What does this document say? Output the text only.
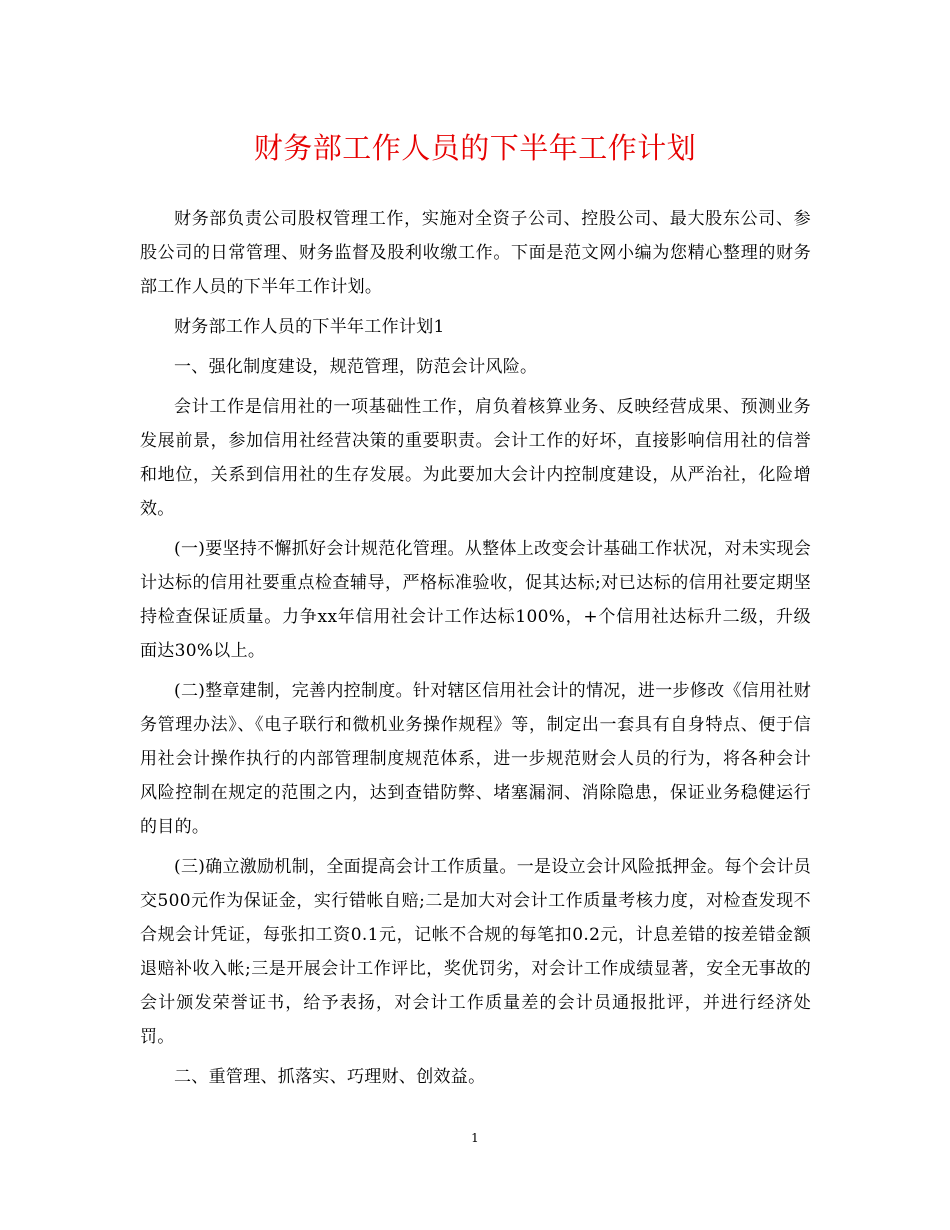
财务部工作人员的下半年工作计划

财务部负责公司股权管理工作，实施对全资子公司、控股公司、最大股东公司、参股公司的日常管理、财务监督及股利收缴工作。下面是范文网小编为您精心整理的财务部工作人员的下半年工作计划。

财务部工作人员的下半年工作计划1

一、强化制度建设，规范管理，防范会计风险。

会计工作是信用社的一项基础性工作，肩负着核算业务、反映经营成果、预测业务发展前景，参加信用社经营决策的重要职责。会计工作的好坏，直接影响信用社的信誉和地位，关系到信用社的生存发展。为此要加大会计内控制度建设，从严治社，化险增效。

(一)要坚持不懈抓好会计规范化管理。从整体上改变会计基础工作状况，对未实现会计达标的信用社要重点检查辅导，严格标准验收，促其达标;对已达标的信用社要定期坚持检查保证质量。力争xx年信用社会计工作达标100%，+个信用社达标升二级，升级面达30%以上。

(二)整章建制，完善内控制度。针对辖区信用社会计的情况，进一步修改《信用社财务管理办法》、《电子联行和微机业务操作规程》等，制定出一套具有自身特点、便于信用社会计操作执行的内部管理制度规范体系，进一步规范财会人员的行为，将各种会计风险控制在规定的范围之内，达到查错防弊、堵塞漏洞、消除隐患，保证业务稳健运行的目的。

(三)确立激励机制，全面提高会计工作质量。一是设立会计风险抵押金。每个会计员交500元作为保证金，实行错帐自赔;二是加大对会计工作质量考核力度，对检查发现不合规会计凭证，每张扣工资0.1元，记帐不合规的每笔扣0.2元，计息差错的按差错金额退赔补收入帐;三是开展会计工作评比，奖优罚劣，对会计工作成绩显著，安全无事故的会计颁发荣誉证书，给予表扬，对会计工作质量差的会计员通报批评，并进行经济处罚。

二、重管理、抓落实、巧理财、创效益。

1
